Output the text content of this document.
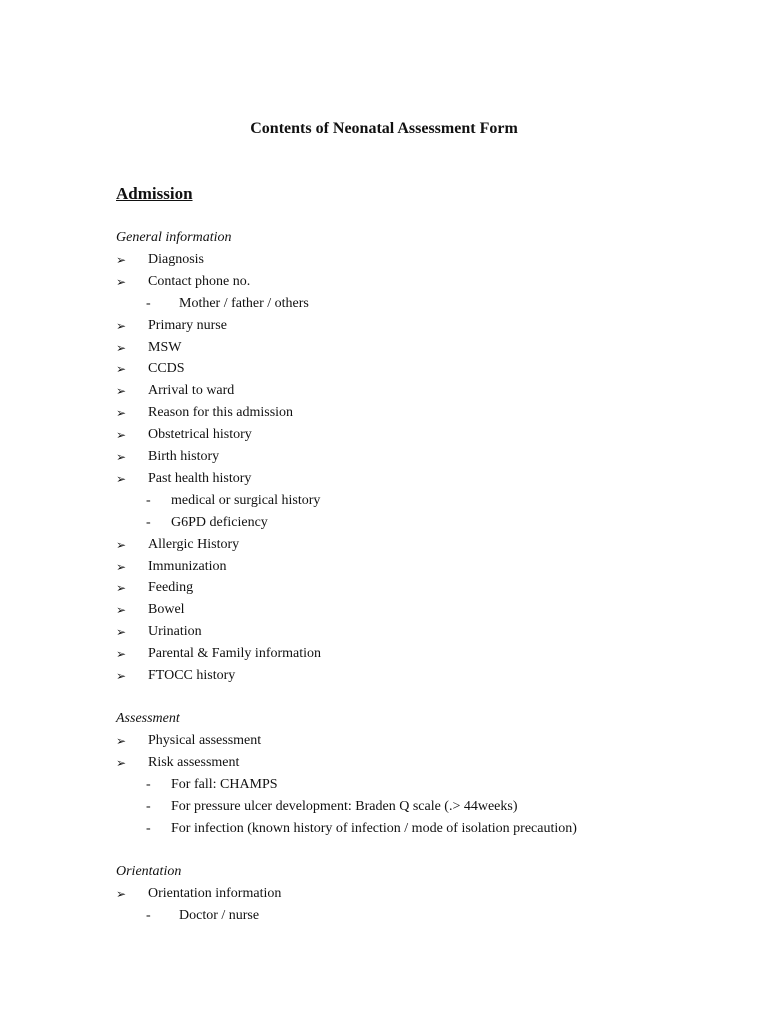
Contents of Neonatal Assessment Form
Admission
General information
➢ Diagnosis
➢ Contact phone no.
- Mother / father / others
➢ Primary nurse
➢ MSW
➢ CCDS
➢ Arrival to ward
➢ Reason for this admission
➢ Obstetrical history
➢ Birth history
➢ Past health history
- medical or surgical history
- G6PD deficiency
➢ Allergic History
➢ Immunization
➢ Feeding
➢ Bowel
➢ Urination
➢ Parental & Family information
➢ FTOCC history
Assessment
➢ Physical assessment
➢ Risk assessment
- For fall: CHAMPS
- For pressure ulcer development: Braden Q scale (.> 44weeks)
- For infection (known history of infection / mode of isolation precaution)
Orientation
➢ Orientation information
- Doctor / nurse
